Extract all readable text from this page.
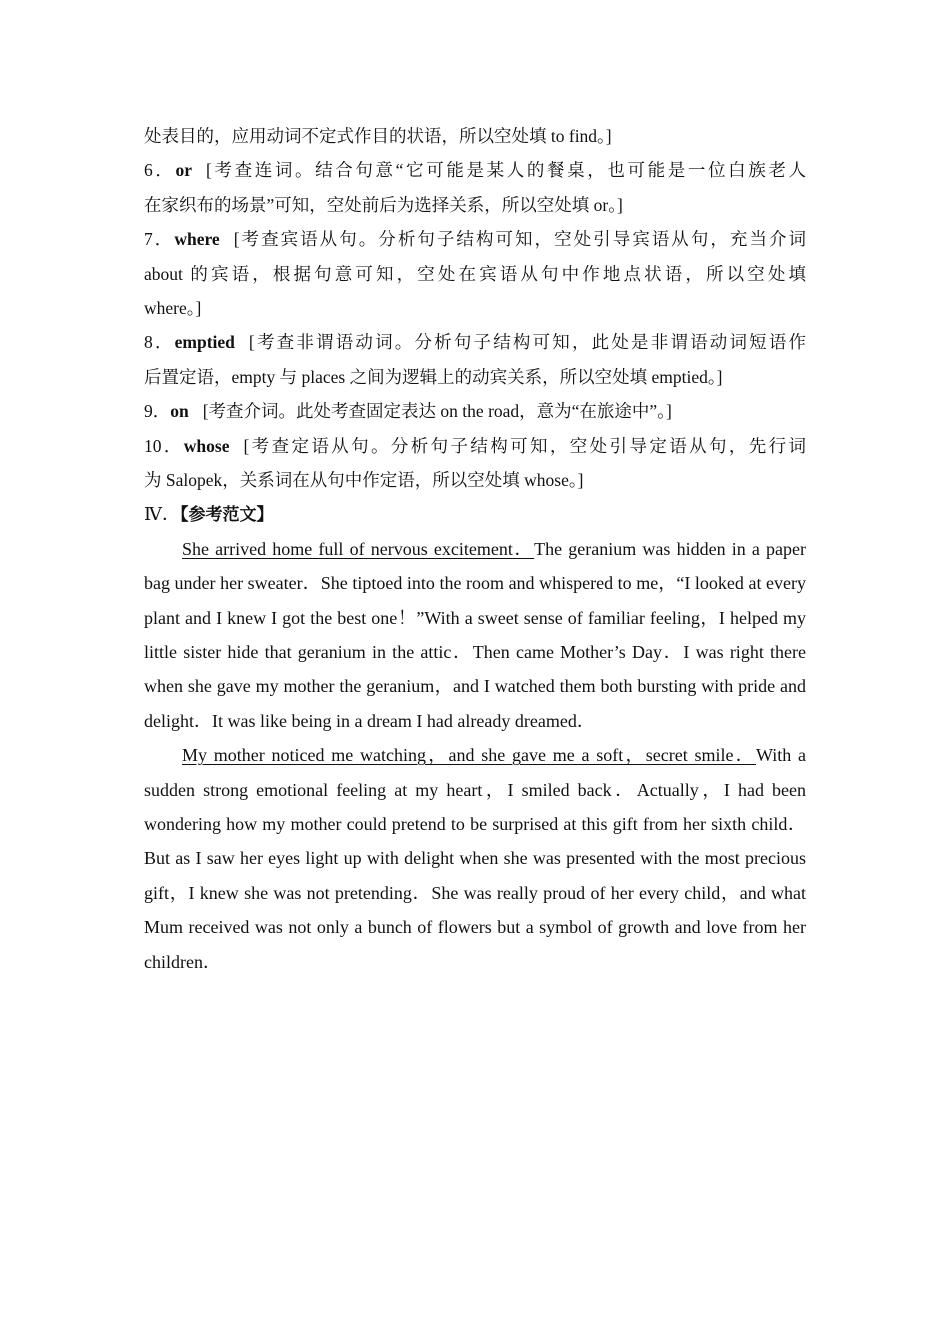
处表目的，应用动词不定式作目的状语，所以空处填 to find。]
6．or [考查连词。结合句意“它可能是某人的餐桌，也可能是一位白族老人
在家织布的场景”可知，空处前后为选择关系，所以空处填 or。]
7．where [考查宾语从句。分析句子结构可知，空处引导宾语从句，充当介词
about 的宾语，根据句意可知，空处在宾语从句中作地点状语，所以空处填
where。]
8．emptied [考查非谓语动词。分析句子结构可知，此处是非谓语动词短语作
后置定语，empty 与 places 之间为逻辑上的动宾关系，所以空处填 emptied。]
9．on [考查介词。此处考查固定表达 on the road，意为“在旅途中”。]
10．whose [考查定语从句。分析句子结构可知，空处引导定语从句，先行词
为 Salopek，关系词在从句中作定语，所以空处填 whose。]
Ⅳ．【参考范文】
She arrived home full of nervous excitement．The geranium was hidden in a paper bag under her sweater．She tiptoed into the room and whispered to me，“I looked at every plant and I knew I got the best one！”With a sweet sense of familiar feeling，I helped my little sister hide that geranium in the attic．Then came Mother’s Day．I was right there when she gave my mother the geranium，and I watched them both bursting with pride and delight．It was like being in a dream I had already dreamed．
My mother noticed me watching，and she gave me a soft，secret smile．With a sudden strong emotional feeling at my heart，I smiled back．Actually，I had been wondering how my mother could pretend to be surprised at this gift from her sixth child．But as I saw her eyes light up with delight when she was presented with the most precious gift，I knew she was not pretending．She was really proud of her every child，and what Mum received was not only a bunch of flowers but a symbol of growth and love from her children．
